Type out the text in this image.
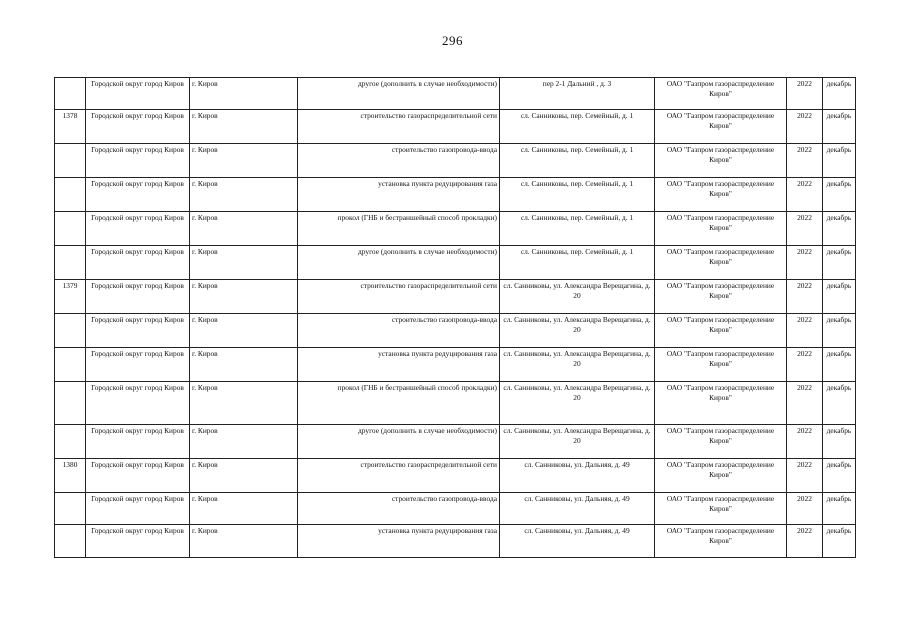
296
	Городской округ город Киров	г. Киров	другое (дополнить в случае необходимости)	пер 2-1 Дальний , д. 3	ОАО "Газпром газораспределение Киров"	2022	декабрь
1378	Городской округ город Киров	г. Киров	строительство газораспределительной сети	сл. Санниковы, пер. Семейный, д. 1	ОАО "Газпром газораспределение Киров"	2022	декабрь
	Городской округ город Киров	г. Киров	строительство газопровода-ввода	сл. Санниковы, пер. Семейный, д. 1	ОАО "Газпром газораспределение Киров"	2022	декабрь
	Городской округ город Киров	г. Киров	установка пункта редуцирования газа	сл. Санниковы, пер. Семейный, д. 1	ОАО "Газпром газораспределение Киров"	2022	декабрь
	Городской округ город Киров	г. Киров	прокол (ГНБ и бестраншейный способ прокладки)	сл. Санниковы, пер. Семейный, д. 1	ОАО "Газпром газораспределение Киров"	2022	декабрь
	Городской округ город Киров	г. Киров	другое (дополнить в случае необходимости)	сл. Санниковы, пер. Семейный, д. 1	ОАО "Газпром газораспределение Киров"	2022	декабрь
1379	Городской округ город Киров	г. Киров	строительство газораспределительной сети	сл. Санниковы, ул. Александра Верещагина, д. 20	ОАО "Газпром газораспределение Киров"	2022	декабрь
	Городской округ город Киров	г. Киров	строительство газопровода-ввода	сл. Санниковы, ул. Александра Верещагина, д. 20	ОАО "Газпром газораспределение Киров"	2022	декабрь
	Городской округ город Киров	г. Киров	установка пункта редуцирования газа	сл. Санниковы, ул. Александра Верещагина, д. 20	ОАО "Газпром газораспределение Киров"	2022	декабрь
	Городской округ город Киров	г. Киров	прокол (ГНБ и бестраншейный способ прокладки)	сл. Санниковы, ул. Александра Верещагина, д. 20	ОАО "Газпром газораспределение Киров"	2022	декабрь
	Городской округ город Киров	г. Киров	другое (дополнить в случае необходимости)	сл. Санниковы, ул. Александра Верещагина, д. 20	ОАО "Газпром газораспределение Киров"	2022	декабрь
1380	Городской округ город Киров	г. Киров	строительство газораспределительной сети	сл. Санниковы, ул. Дальняя, д. 49	ОАО "Газпром газораспределение Киров"	2022	декабрь
	Городской округ город Киров	г. Киров	строительство газопровода-ввода	сл. Санниковы, ул. Дальняя, д. 49	ОАО "Газпром газораспределение Киров"	2022	декабрь
	Городской округ город Киров	г. Киров	установка пункта редуцирования газа	сл. Санниковы, ул. Дальняя, д. 49	ОАО "Газпром газораспределение Киров"	2022	декабрь
